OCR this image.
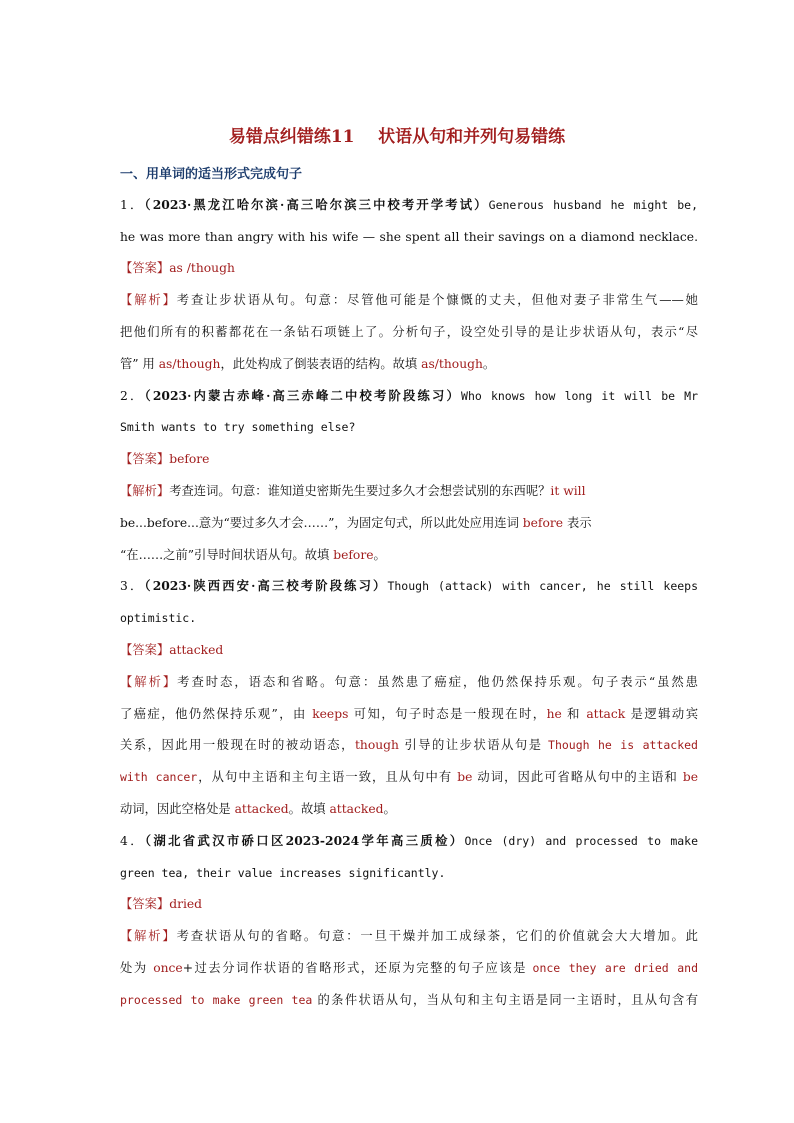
易错点纠错练11    状语从句和并列句易错练
一、用单词的适当形式完成句子
1．（2023·黑龙江哈尔滨·高三哈尔滨三中校考开学考试）Generous husband he might be,
he was more than angry with his wife — she spent all their savings on a diamond necklace.
【答案】as /though
【解析】考查让步状语从句。句意：尽管他可能是个慷慨的丈夫，但他对妻子非常生气——她
把他们所有的积蓄都花在一条钻石项链上了。分析句子，设空处引导的是让步状语从句，表示“尽
管” 用 as/though，此处构成了倒装表语的结构。故填 as/though。
2．（2023·内蒙古赤峰·高三赤峰二中校考阶段练习）Who knows how long it will be Mr
Smith wants to try something else?
【答案】before
【解析】考查连词。句意：谁知道史密斯先生要过多久才会想尝试别的东西呢？it will
be...before...意为“要过多久才会……”，为固定句式，所以此处应用连词 before 表示
“在……之前”引导时间状语从句。故填 before。
3．（2023·陕西西安·高三校考阶段练习）Though (attack) with cancer, he still keeps
optimistic.
【答案】attacked
【解析】考查时态，语态和省略。句意：虽然患了癌症，他仍然保持乐观。句子表示“虽然患
了癌症，他仍然保持乐观”，由 keeps 可知，句子时态是一般现在时，he 和 attack 是逻辑动宾
关系，因此用一般现在时的被动语态，though 引导的让步状语从句是 Though he is attacked
with cancer，从句中主语和主句主语一致，且从句中有 be 动词，因此可省略从句中的主语和 be
动词，因此空格处是 attacked。故填 attacked。
4．（湖北省武汉市硚口区2023-2024学年高三质检）Once (dry) and processed to make
green tea, their value increases significantly.
【答案】dried
【解析】考查状语从句的省略。句意：一旦干燥并加工成绿茶，它们的价值就会大大增加。此
处为 once+过去分词作状语的省略形式，还原为完整的句子应该是 once they are dried and
processed to make green tea 的条件状语从句，当从句和主句主语是同一主语时，且从句含有
